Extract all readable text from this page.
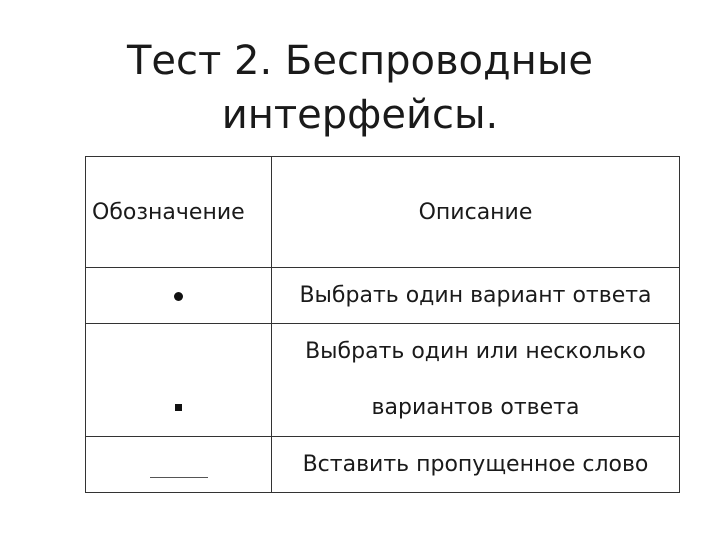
Тест 2. Беспроводные
интерфейсы.
Обозначение	Описание
	Выбрать один вариант ответа
	Выбрать один или несколько
вариантов ответа
	Вставить пропущенное слово
